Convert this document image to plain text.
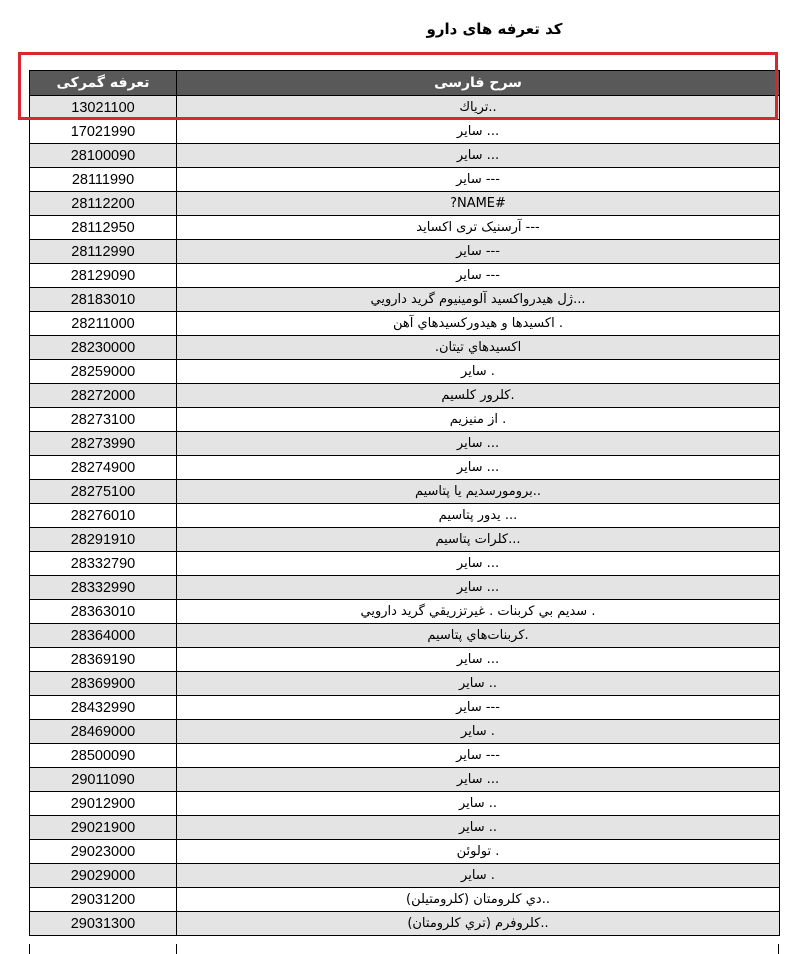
کد تعرفه های دارو
تعرفه گمرکی	سرح فارسی
13021100	..ترياك
17021990	... ساير
28100090	... ساير
28111990	--- ساير
28112200	#NAME?
28112950	--- آرسنیک تری اکساید
28112990	--- ساير
28129090	--- ساير
28183010	...ژل هيدرواكسيد آلومينيوم گريد دارويي
28211000	. اكسيدها و هيدوركسيدهاي آهن
28230000	اكسيدهاي تيتان.
28259000	. ساير
28272000	.كلرور كلسيم
28273100	. از منيزيم
28273990	... ساير
28274900	... ساير
28275100	..برومورسديم يا پتاسيم
28276010	... يدور پتاسيم
28291910	...كلرات پتاسيم
28332790	... ساير
28332990	... ساير
28363010	. سديم بي كربنات . غيرتزريقي گريد دارويي
28364000	.كربنات‌هاي پتاسيم
28369190	... ساير
28369900	.. ساير
28432990	--- ساير
28469000	. ساير
28500090	--- ساير
29011090	... ساير
29012900	.. ساير
29021900	.. ساير
29023000	. تولوئن
29029000	. ساير
29031200	..دي كلرومتان (كلرومتيلن)
29031300	..كلروفرم (تري كلرومتان)
